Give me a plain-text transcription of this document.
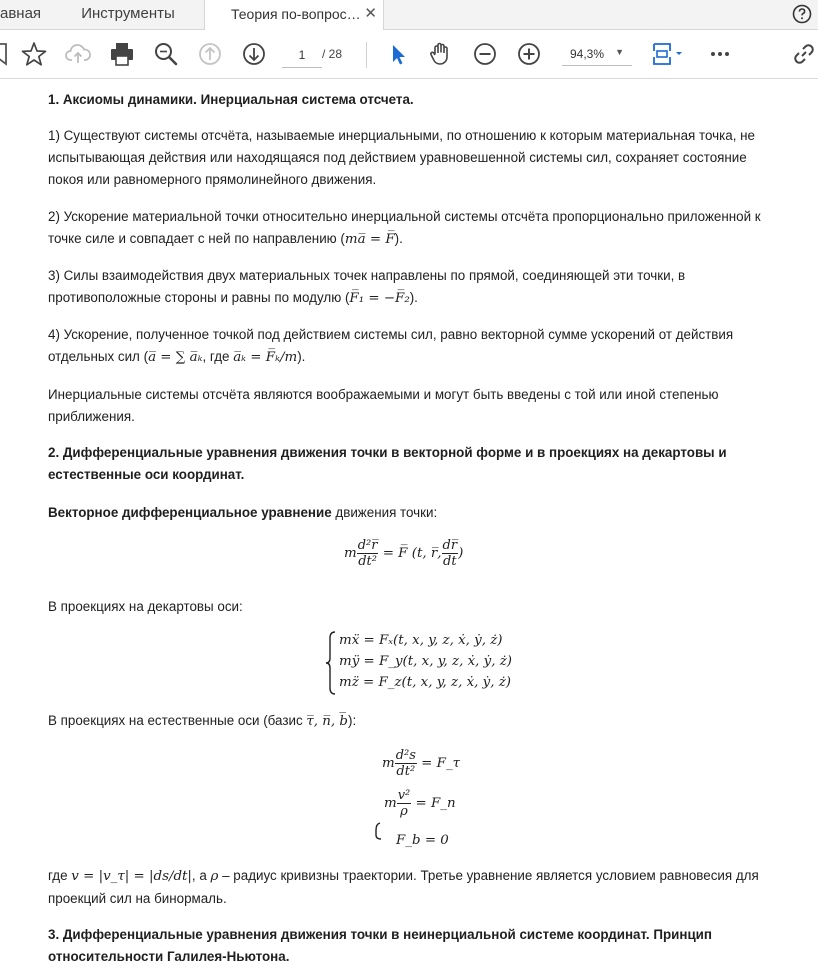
авная	Инструменты	Теория по-вопрос… ✕
1
/ 28	94,3% ▼

1. Аксиомы динамики. Инерциальная система отсчета.

1) Существуют системы отсчёта, называемые инерциальными, по отношению к которым материальная точка, не испытывающая действия или находящаяся под действием уравновешенной системы сил, сохраняет состояние покоя или равномерного прямолинейного движения.

2) Ускорение материальной точки относительно инерциальной системы отсчёта пропорционально приложенной к точке силе и совпадает с ней по направлению (ma̅ = F̅).

3) Силы взаимодействия двух материальных точек направлены по прямой, соединяющей эти точки, в противоположные стороны и равны по модулю (F̅₁ = −F̅₂).

4) Ускорение, полученное точкой под действием системы сил, равно векторной сумме ускорений от действия отдельных сил (a̅ = ∑ a̅ₖ, где a̅ₖ = F̅ₖ/m).

Инерциальные системы отсчёта являются воображаемыми и могут быть введены с той или иной степенью приближения.

2. Дифференциальные уравнения движения точки в векторной форме и в проекциях на декартовы и естественные оси координат.

Векторное дифференциальное уравнение движения точки:

m $\frac{\text{d²r̅}}{\text{dt²}}$ = F̅ (t, r̅, $\frac{dr̅}{dt}$ )

В проекциях на декартовы оси:

mẍ = Fₓ(t, x, y, z, ẋ, ẏ, ż)
mÿ = F_y(t, x, y, z, ẋ, ẏ, ż)
mz̈ = F_z(t, x, y, z, ẋ, ẏ, ż)

В проекциях на естественные оси (базис τ̅, n̅, b̅):

m $\frac{\text{d²s}}{\text{dt²}}$ = F_τ
m $\frac{\text{v²}}{\rho}$ = F_n
F_b = 0

где v = |v_τ| = |ds/dt|, а ρ – радиус кривизны траектории. Третье уравнение является условием равновесия для проекций сил на бинормаль.

3. Дифференциальные уравнения движения точки в неинерциальной системе координат. Принцип относительности Галилея-Ньютона.
